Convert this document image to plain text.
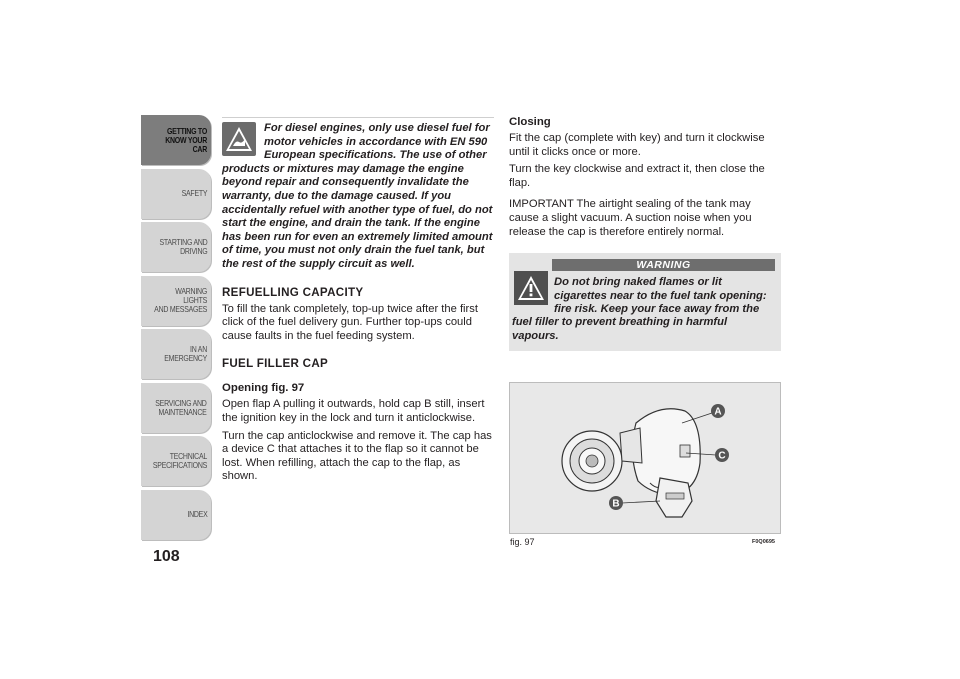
GETTING TO
KNOW YOUR CAR
SAFETY
STARTING AND
DRIVING
WARNING LIGHTS
AND MESSAGES
IN AN EMERGENCY
SERVICING AND
MAINTENANCE
TECHNICAL
SPECIFICATIONS
INDEX
108

For diesel engines, only use diesel fuel for motor vehicles in accordance with EN 590 European specifications. The use of other products or mixtures may damage the engine beyond repair and consequently invalidate the warranty, due to the damage caused. If you accidentally refuel with another type of fuel, do not start the engine, and drain the tank. If the engine has been run for even an extremely limited amount of time, you must not only drain the fuel tank, but the rest of the supply circuit as well.

REFUELLING CAPACITY

To fill the tank completely, top-up twice after the first click of the fuel delivery gun. Further top-ups could cause faults in the fuel feeding system.

FUEL FILLER CAP
Opening fig. 97

Open flap A pulling it outwards, hold cap B still, insert the ignition key in the lock and turn it anticlockwise.

Turn the cap anticlockwise and remove it. The cap has a device C that attaches it to the flap so it cannot be lost. When refilling, attach the cap to the flap, as shown.

Closing

Fit the cap (complete with key) and turn it clockwise until it clicks once or more.

Turn the key clockwise and extract it, then close the flap.

IMPORTANT The airtight sealing of the tank may cause a slight vacuum. A suction noise when you release the cap is therefore entirely normal.

WARNING
Do not bring naked flames or lit cigarettes near to the fuel tank opening: fire risk. Keep your face away from the fuel filler to prevent breathing in harmful vapours.
A
C
B
fig. 97	F0Q0695
